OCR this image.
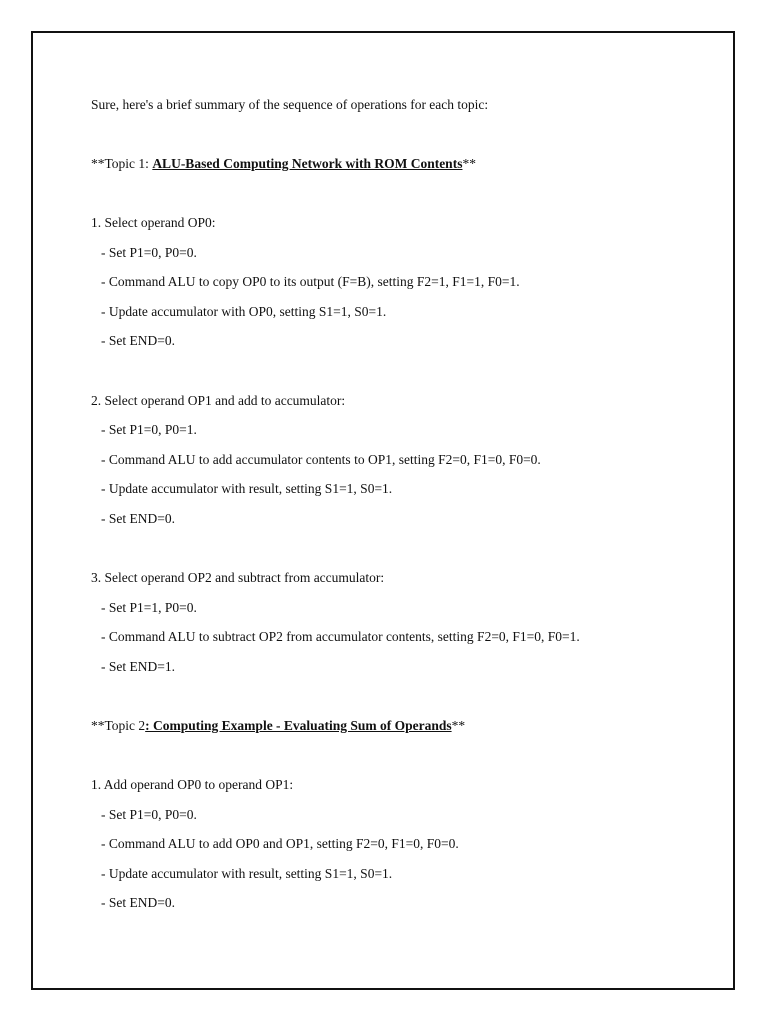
Sure, here's a brief summary of the sequence of operations for each topic:
**Topic 1: ALU-Based Computing Network with ROM Contents**
1. Select operand OP0:
- Set P1=0, P0=0.
- Command ALU to copy OP0 to its output (F=B), setting F2=1, F1=1, F0=1.
- Update accumulator with OP0, setting S1=1, S0=1.
- Set END=0.
2. Select operand OP1 and add to accumulator:
- Set P1=0, P0=1.
- Command ALU to add accumulator contents to OP1, setting F2=0, F1=0, F0=0.
- Update accumulator with result, setting S1=1, S0=1.
- Set END=0.
3. Select operand OP2 and subtract from accumulator:
- Set P1=1, P0=0.
- Command ALU to subtract OP2 from accumulator contents, setting F2=0, F1=0, F0=1.
- Set END=1.
**Topic 2: Computing Example - Evaluating Sum of Operands**
1. Add operand OP0 to operand OP1:
- Set P1=0, P0=0.
- Command ALU to add OP0 and OP1, setting F2=0, F1=0, F0=0.
- Update accumulator with result, setting S1=1, S0=1.
- Set END=0.
